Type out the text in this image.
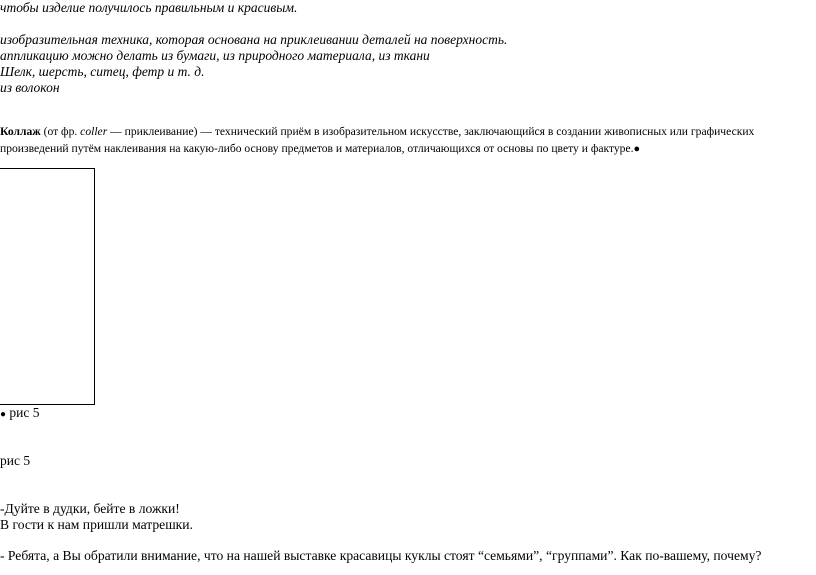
чтобы изделие получилось правильным и красивым.
изобразительная техника, которая основана на приклеивании деталей на поверхность.
аппликацию можно делать из бумаги, из природного материала, из ткани
Шелк, шерсть, ситец, фетр и т. д.
из волокон
Коллаж (от фр. coller — приклеивание) — технический приём в изобразительном искусстве, заключающийся в создании живописных или графических произведений путём наклеивания на какую-либо основу предметов и материалов, отличающихся от основы по цвету и фактуре.●
● рис 5
рис 5
-Дуйте в дудки, бейте в ложки!
В гости к нам пришли матрешки.
- Ребята, а Вы обратили внимание, что на нашей выставке красавицы куклы стоят “семьями”, “группами”. Как по-вашему, почему?
